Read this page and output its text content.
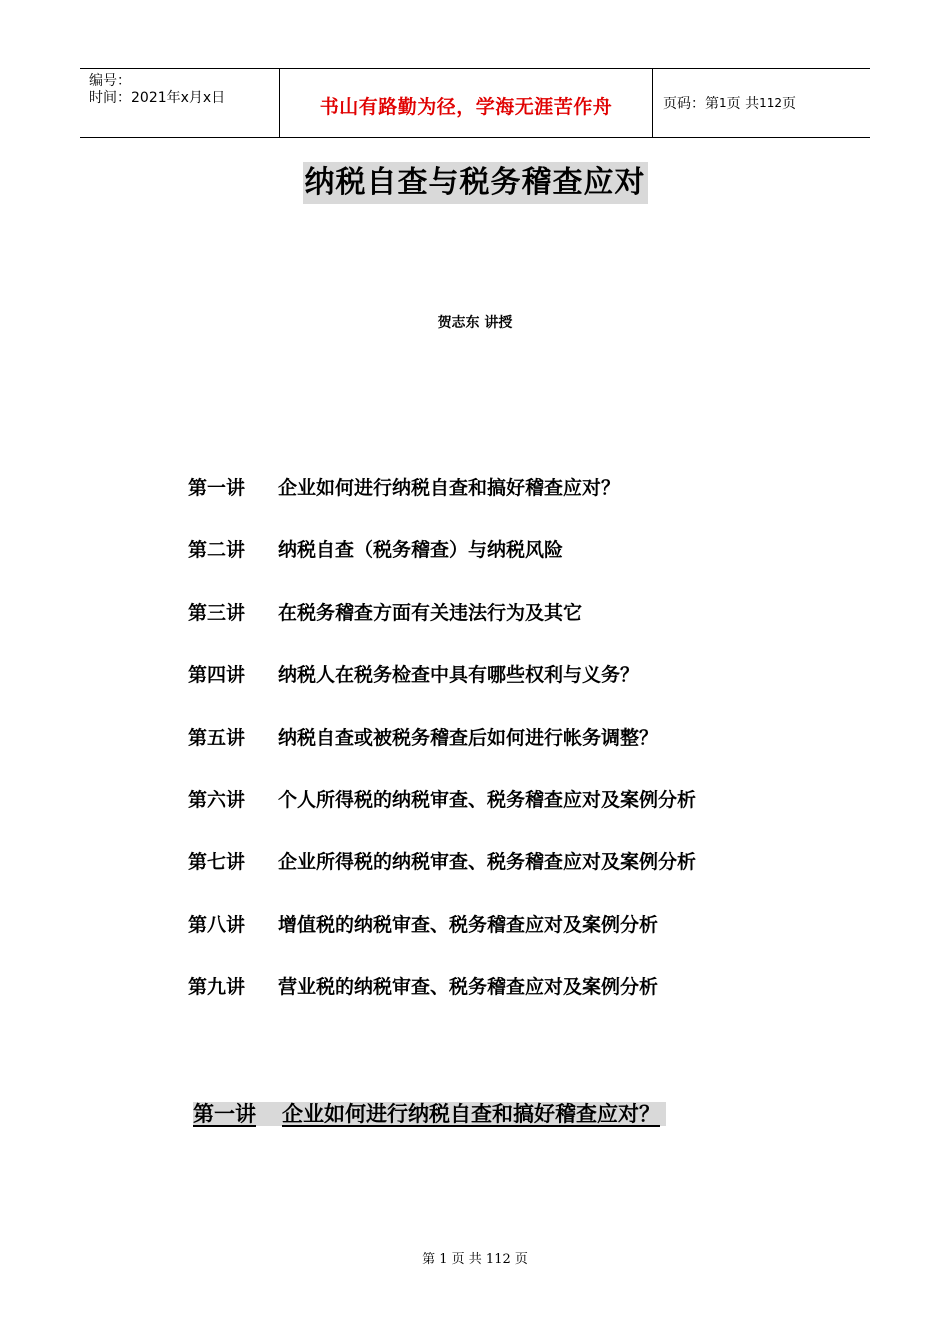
编号：
时间：2021年x月x日	书山有路勤为径，学海无涯苦作舟	页码：第 1 页 共 112 页
纳税自查与税务稽查应对
贺志东 讲授
第一讲 企业如何进行纳税自查和搞好稽查应对？
第二讲 纳税自查（税务稽查）与纳税风险
第三讲 在税务稽查方面有关违法行为及其它
第四讲 纳税人在税务检查中具有哪些权利与义务？
第五讲 纳税自查或被税务稽查后如何进行帐务调整？
第六讲 个人所得税的纳税审查、税务稽查应对及案例分析
第七讲 企业所得税的纳税审查、税务稽查应对及案例分析
第八讲 增值税的纳税审查、税务稽查应对及案例分析
第九讲 营业税的纳税审查、税务稽查应对及案例分析
第一讲 企业如何进行纳税自查和搞好稽查应对？
第 1 页 共 112 页
